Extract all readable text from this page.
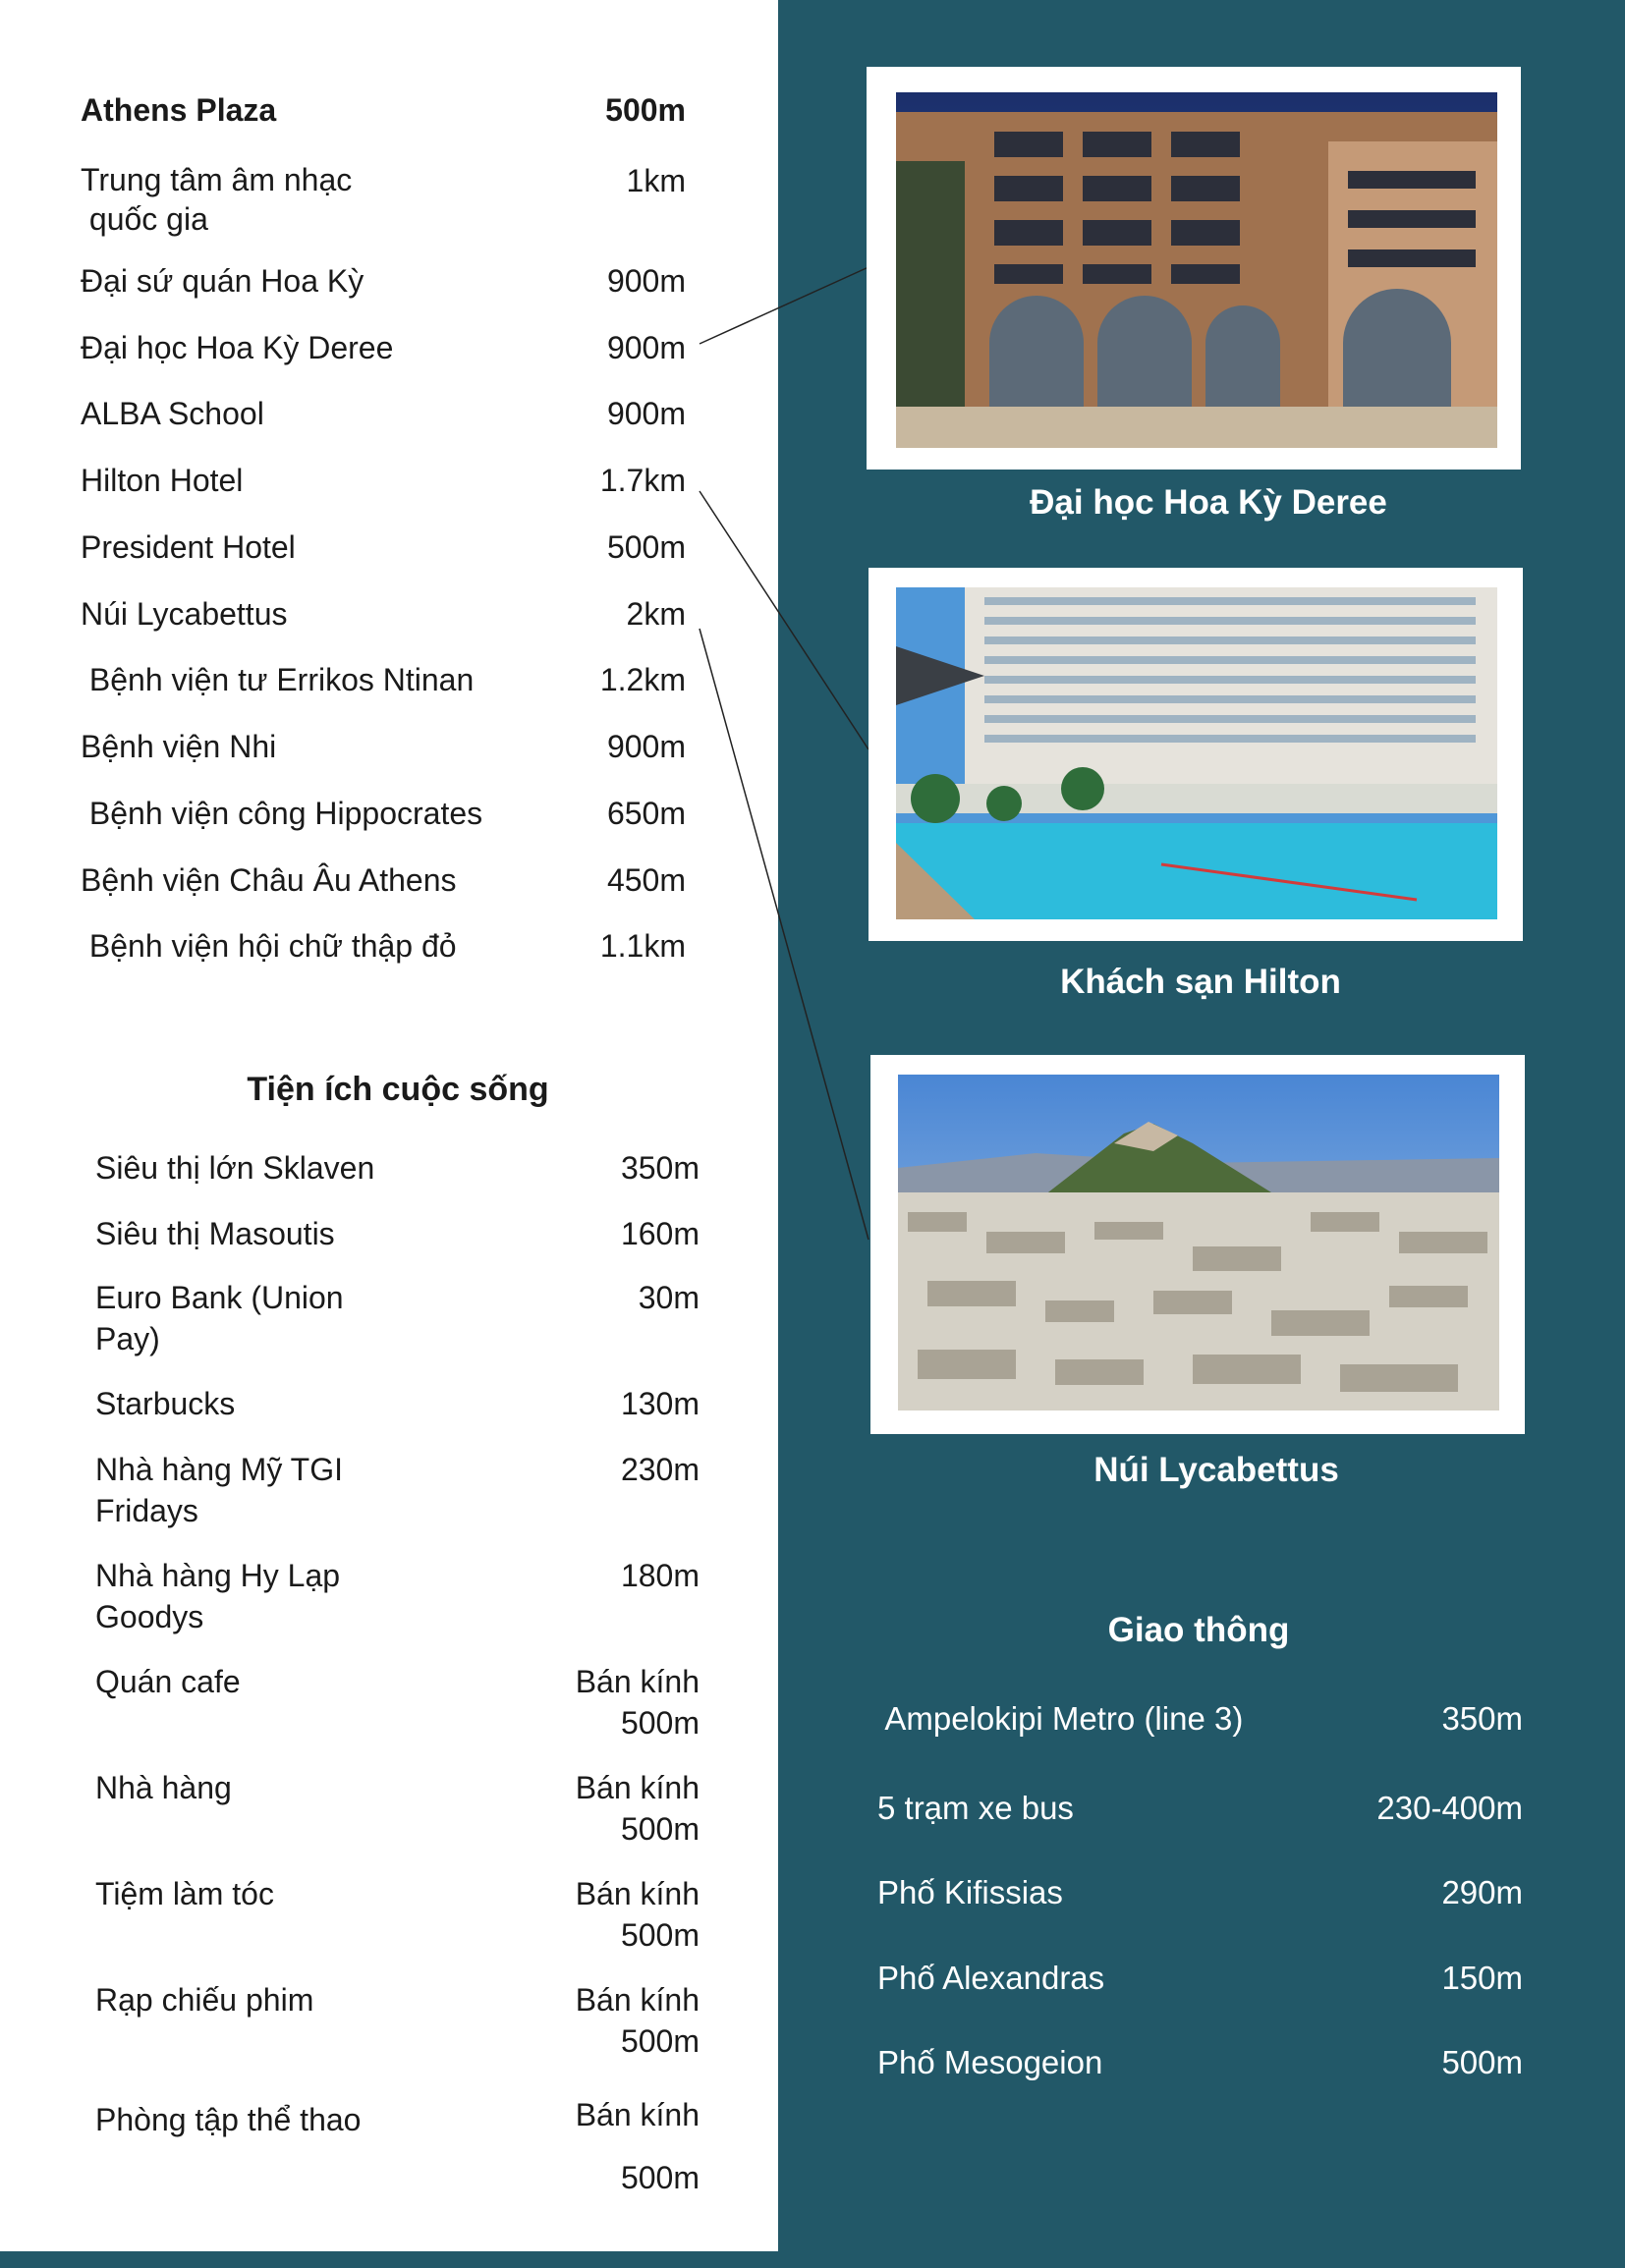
Athens Plaza	500m
Trung tâm âm nhạc
quốc gia
1km
Đại sứ quán Hoa Kỳ	900m
Đại học Hoa Kỳ Deree	900m
ALBA School	900m
Hilton Hotel	1.7km
President Hotel	500m
Núi Lycabettus	2km
Bệnh viện tư Errikos Ntinan	1.2km
Bệnh viện Nhi	900m
Bệnh viện công Hippocrates	650m
Bệnh viện Châu Âu Athens	450m
Bệnh viện hội chữ thập đỏ	1.1km
Tiện ích cuộc sống
Siêu thị lớn Sklaven	350m
Siêu thị Masoutis	160m
Euro Bank (Union
Pay)
30m
Starbucks	130m
Nhà hàng Mỹ TGI
Fridays
230m
Nhà hàng Hy Lạp
Goodys
180m
Quán cafe	Bán kính
500m
Nhà hàng	Bán kính
500m
Tiệm làm tóc	Bán kính
500m
Rạp chiếu phim	Bán kính
500m
Phòng tập thể thao	Bán kính

500m
Đại học Hoa Kỳ Deree
Khách sạn Hilton
Núi Lycabettus
Giao thông
Ampelokipi Metro (line 3)	350m
5 trạm xe bus	230-400m
Phố Kifissias	290m
Phố Alexandras	150m
Phố Mesogeion	500m
